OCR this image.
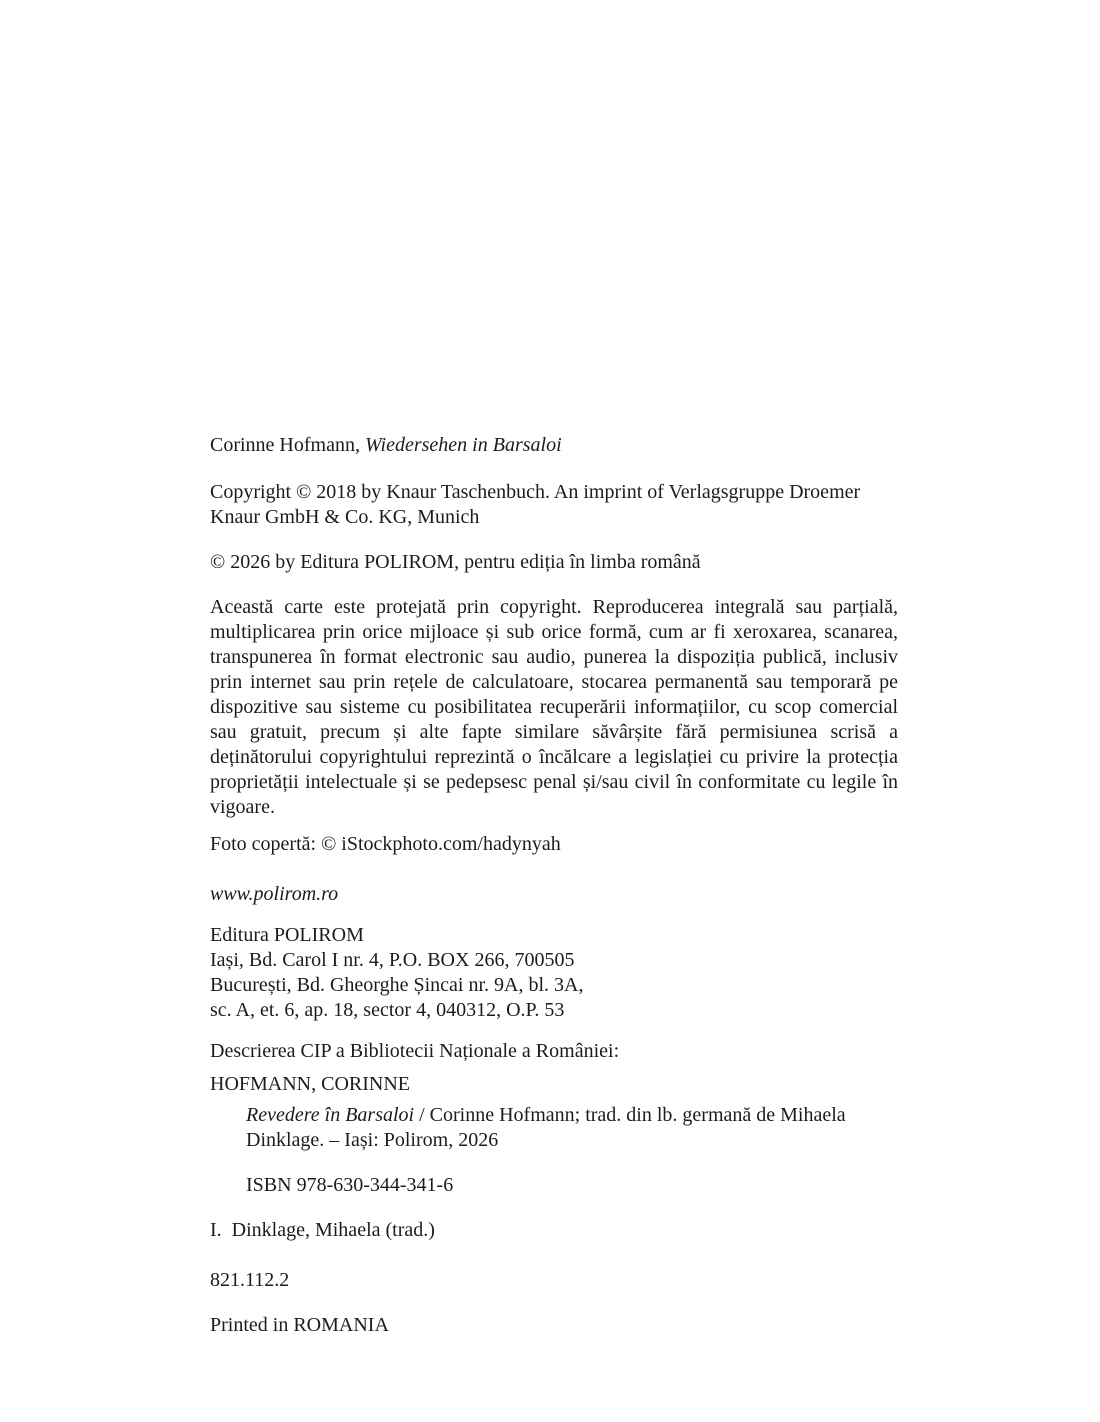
Corinne Hofmann, Wiedersehen in Barsaloi

Copyright © 2018 by Knaur Taschenbuch. An imprint of Verlagsgruppe Droemer Knaur GmbH & Co. KG, Munich

© 2026 by Editura POLIROM, pentru ediția în limba română

Această carte este protejată prin copyright. Reproducerea integrală sau parțială, multiplicarea prin orice mijloace și sub orice formă, cum ar fi xeroxarea, scanarea, transpunerea în format electronic sau audio, punerea la dispoziția publică, inclusiv prin internet sau prin rețele de calculatoare, stocarea permanentă sau temporară pe dispozitive sau sisteme cu posibilitatea recuperării informațiilor, cu scop comercial sau gratuit, precum și alte fapte similare săvârșite fără permisiunea scrisă a deținătorului copyrightului reprezintă o încălcare a legislației cu privire la protecția proprietății intelectuale și se pedepsesc penal și/sau civil în conformitate cu legile în vigoare.

Foto copertă: © iStockphoto.com/hadynyah

www.polirom.ro

Editura POLIROM

Iași, Bd. Carol I nr. 4, P.O. BOX 266, 700505

București, Bd. Gheorghe Șincai nr. 9A, bl. 3A,

sc. A, et. 6, ap. 18, sector 4, 040312, O.P. 53

Descrierea CIP a Bibliotecii Naționale a României:

HOFMANN, CORINNE

Revedere în Barsaloi / Corinne Hofmann; trad. din lb. germană de Mihaela Dinklage. – Iași: Polirom, 2026

ISBN 978-630-344-341-6

I.  Dinklage, Mihaela (trad.)

821.112.2

Printed in ROMANIA
